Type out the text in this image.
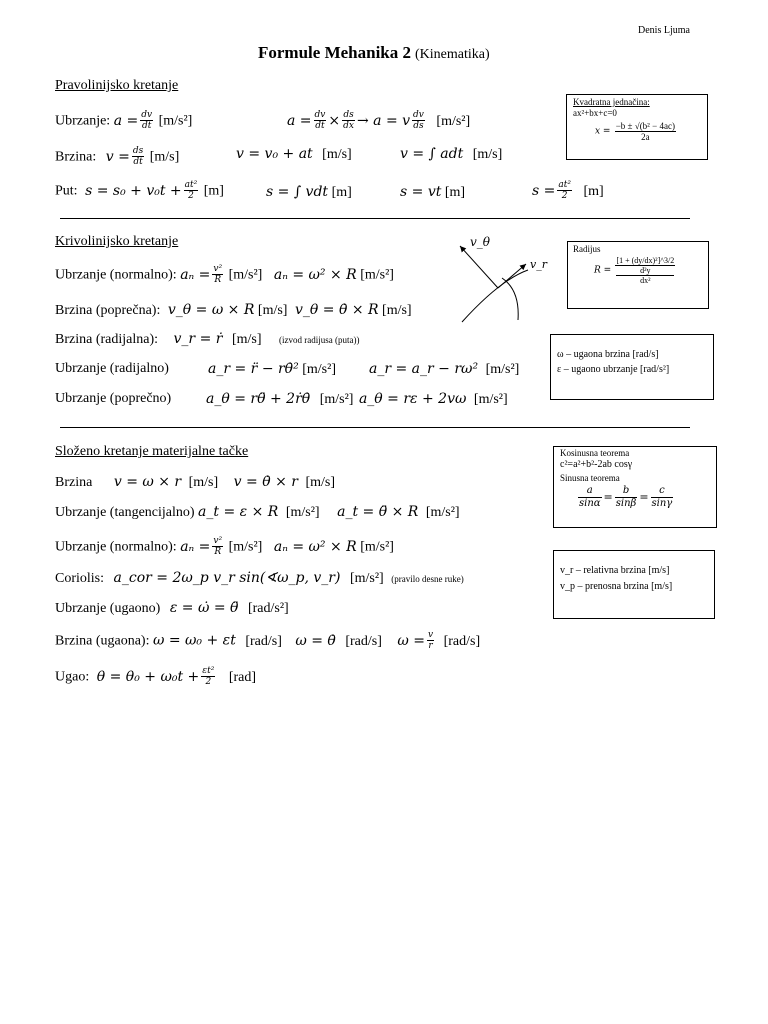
Denis Ljuma
Formule Mehanika 2 (Kinematika)
Pravolinijsko kretanje
Ubrzanje: $a = \frac{dv}{dt} [m/s^2]$	$a = \frac{dv}{dt} \times \frac{ds}{dx} \to a = v \frac{dv}{ds} [m/s^2]$
Brzina: $v = \frac{ds}{dt} [m/s]$	v = v₀ + at [m/s]	v = ∫ adt [m/s]
Put: $s = s_0 + v_0t + \frac{\text{at²}}{2} [m]$	s = ∫ vdt [m]	s = vt [m]	$s = \frac{\text{at²}}{2} [m]$
Kvadratna jednačina:
ax²+bx+c=0
$x = \frac{\text{−b ± √(b² − 4ac)}}{2a}$
Krivolinijsko kretanje
Ubrzanje (normalno): $a_n = \frac{\text{v²}}{R} [m/s^2] a_n = \omega^2 \times R$ [m/s²]
Brzina (poprečna): v_θ = ω × R [m/s] v_θ = θ̇ × R [m/s]
Brzina (radijalna): v_r = ṙ [m/s] (izvod radijusa (puta))
Ubrzanje (radijalno)	a_r = r̈ − rθ̇² [m/s²] a_r = a_r − rω² [m/s²]
Ubrzanje (poprečno) a_θ = rθ̈ + 2ṙθ̇ [m/s²] a_θ = rε + 2vω [m/s²]
v_θ
v_r
Radijus
R =
[1 + (dy/dx)²]^3/2
d²y
dx²
ω – ugaona brzina [rad/s]
ε – ugaono ubrzanje [rad/s²]
Složeno kretanje materijalne tačke
Brzina v = ω × r [m/s] v = θ̇ × r [m/s]
Ubrzanje (tangencijalno) a_t = ε × R [m/s²] a_t = θ̈ × R [m/s²]
Ubrzanje (normalno): $a_n = \frac{\text{v²}}{R} [m/s^2] a_n = \omega^2 \times R$ [m/s²]
Coriolis: a_cor = 2ω_p v_r sin(∢ω_p, v_r) [m/s²] (pravilo desne ruke)
Ubrzanje (ugaono) ε = ω̇ = θ̈ [rad/s²]
Brzina (ugaona): ω = ω₀ + εt [rad/s] ω = θ̇ [rad/s] $\omega = \frac{v}{r} [rad/s]$
Ugao: $\theta = \theta_0 + \omega_0t + \frac{\text{εt²}}{2} [rad]$
Kosinusna teorema
c²=a²+b²-2ab cosγ
Sinusna teorema
$\frac{a}{\sin\alpha} = \frac{b}{\sin\beta} = \frac{c}{\sin\gamma}$
v_r – relativna brzina [m/s]
v_p – prenosna brzina [m/s]
